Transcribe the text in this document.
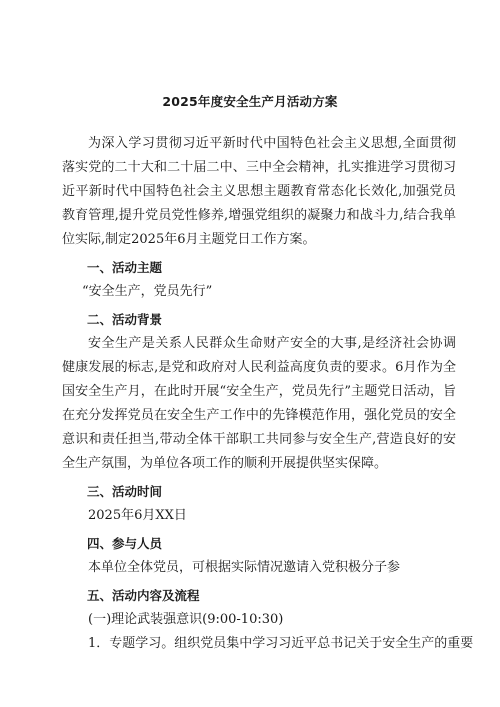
2025年度安全生产月活动方案

为深入学习贯彻习近平新时代中国特色社会主义思想,全面贯彻落实党的二十大和二十届二中、三中全会精神，扎实推进学习贯彻习近平新时代中国特色社会主义思想主题教育常态化长效化,加强党员教育管理,提升党员党性修养,增强党组织的凝聚力和战斗力,结合我单位实际,制定2025年6月主题党日工作方案。

一、活动主题

“安全生产，党员先行”

二、活动背景

安全生产是关系人民群众生命财产安全的大事,是经济社会协调健康发展的标志,是党和政府对人民利益高度负责的要求。6月作为全国安全生产月，在此时开展“安全生产，党员先行”主题党日活动，旨在充分发挥党员在安全生产工作中的先锋模范作用，强化党员的安全意识和责任担当,带动全体干部职工共同参与安全生产,营造良好的安全生产氛围，为单位各项工作的顺利开展提供坚实保障。

三、活动时间

2025年6月XX日

四、参与人员

本单位全体党员，可根据实际情况邀请入党积极分子参

五、活动内容及流程

(一)理论武装强意识(9:00-10:30)

1．专题学习。组织党员集中学习习近平总书记关于安全生产的重要
